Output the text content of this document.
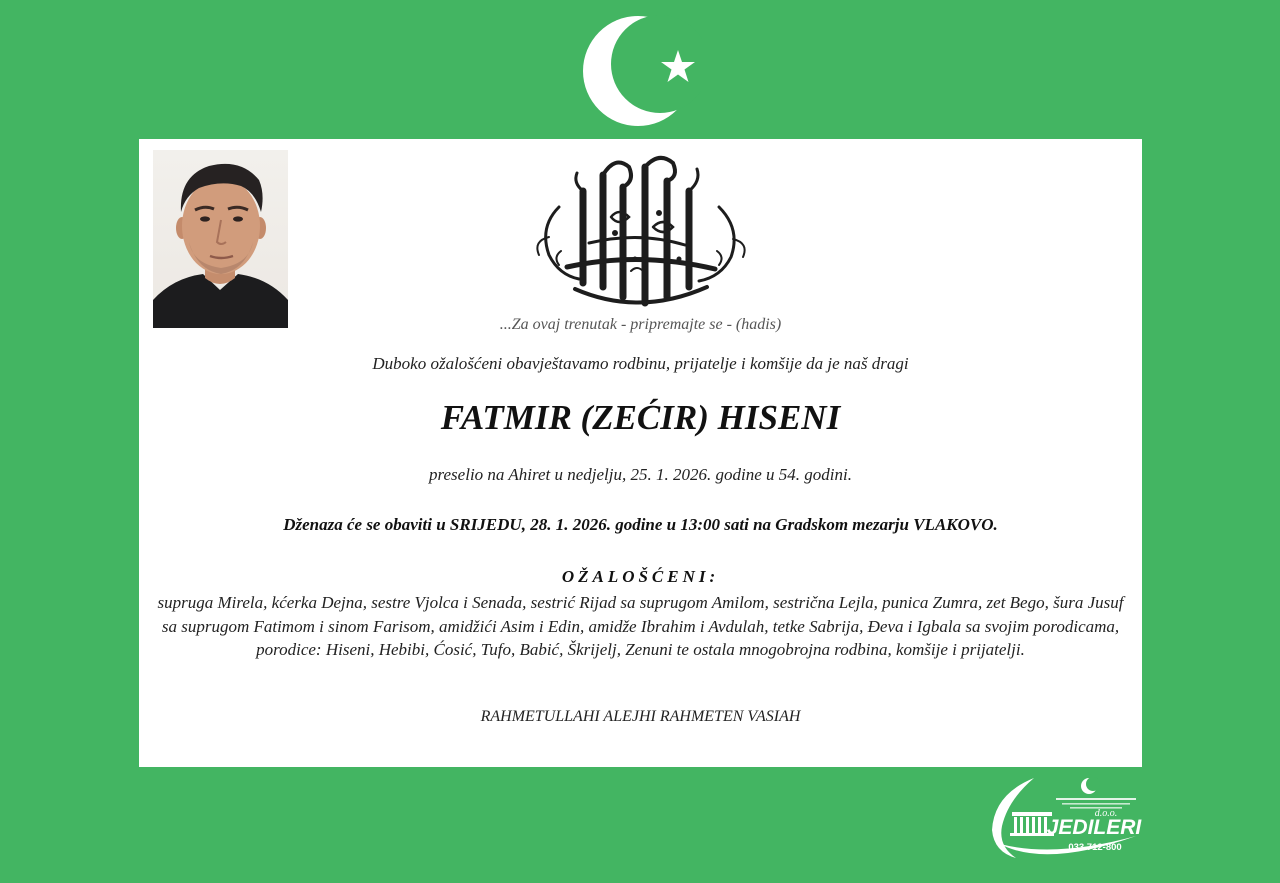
...Za ovaj trenutak - pripremajte se - (hadis)
Duboko ožalošćeni obavještavamo rodbinu, prijatelje i komšije da je naš dragi
FATMIR (ZEĆIR) HISENI
preselio na Ahiret u nedjelju, 25. 1. 2026. godine u 54. godini.
Dženaza će se obaviti u SRIJEDU, 28. 1. 2026. godine u 13:00 sati na Gradskom mezarju VLAKOVO.
OŽALOŠĆENI:
supruga Mirela, kćerka Dejna, sestre Vjolca i Senada, sestrić Rijad sa suprugom Amilom, sestrična Lejla, punica Zumra, zet Bego, šura Jusuf sa suprugom Fatimom i sinom Farisom, amidžići Asim i Edin, amidže Ibrahim i Avdulah, tetke Sabrija, Đeva i Igbala sa svojim porodicama, porodice: Hiseni, Hebibi, Ćosić, Tufo, Babić, Škrijelj, Zenuni te ostala mnogobrojna rodbina, komšije i prijatelji.
RAHMETULLAHI ALEJHI RAHMETEN VASIAH
d.o.o.
JEDILERI
033 712-800
